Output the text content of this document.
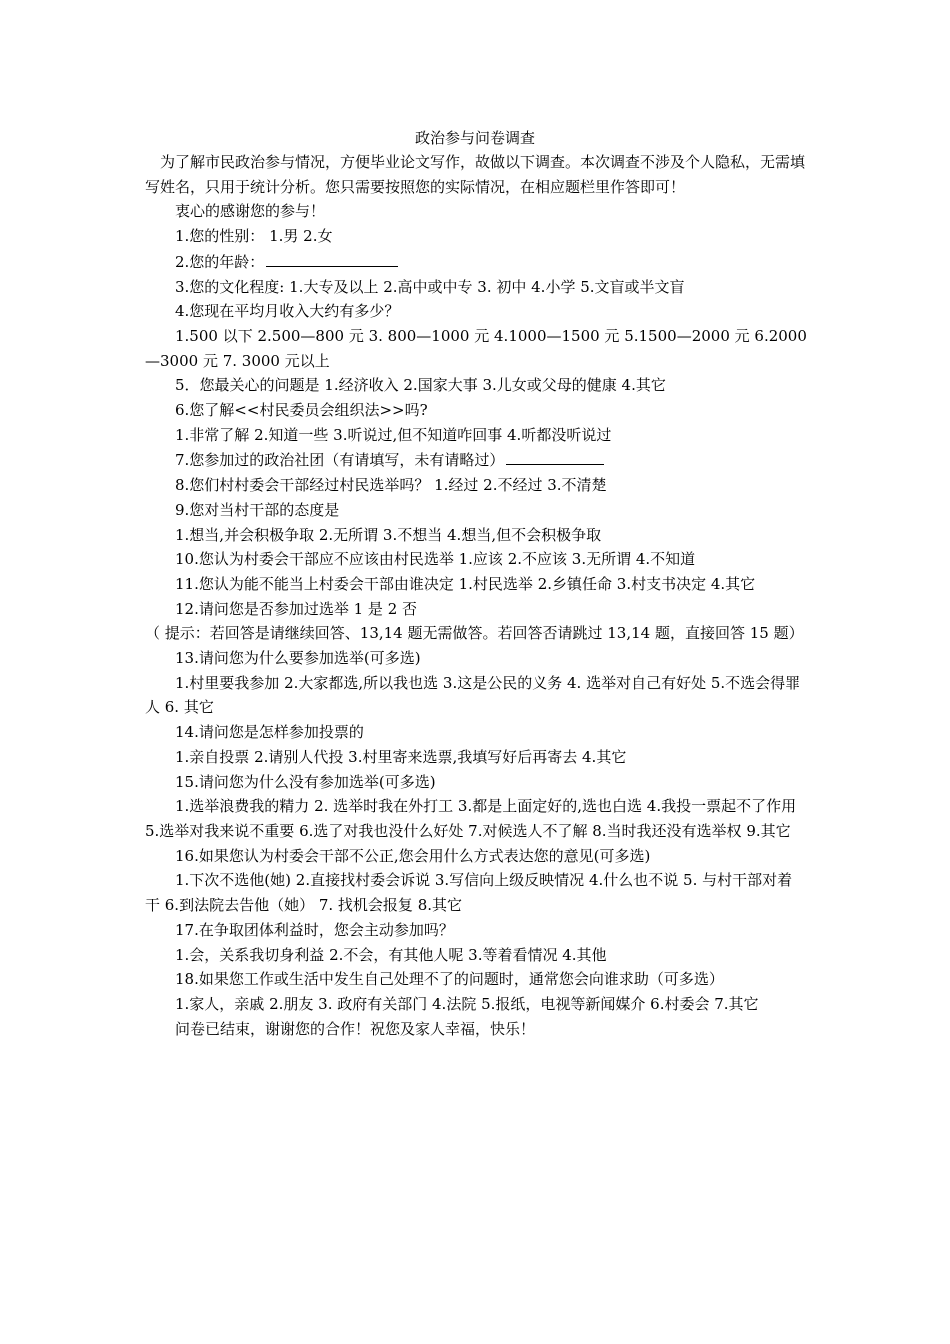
政治参与问卷调查

为了解市民政治参与情况，方便毕业论文写作，故做以下调查。本次调查不涉及个人隐私，无需填写姓名，只用于统计分析。您只需要按照您的实际情况，在相应题栏里作答即可！

衷心的感谢您的参与！

1.您的性别： 1.男 2.女

2.您的年龄：

3.您的文化程度: 1.大专及以上 2.高中或中专 3. 初中 4.小学 5.文盲或半文盲

4.您现在平均月收入大约有多少？

1.500 以下 2.500—800 元 3. 800—1000 元 4.1000—1500 元 5.1500—2000 元 6.2000—3000 元 7. 3000 元以上

5．您最关心的问题是 1.经济收入 2.国家大事 3.儿女或父母的健康 4.其它

6.您了解<<村民委员会组织法>>吗?

1.非常了解 2.知道一些 3.听说过,但不知道咋回事 4.听都没听说过

7.您参加过的政治社团（有请填写，未有请略过）

8.您们村村委会干部经过村民选举吗？ 1.经过 2.不经过 3.不清楚

9.您对当村干部的态度是

1.想当,并会积极争取 2.无所谓 3.不想当 4.想当,但不会积极争取

10.您认为村委会干部应不应该由村民选举 1.应该 2.不应该 3.无所谓 4.不知道

11.您认为能不能当上村委会干部由谁决定 1.村民选举 2.乡镇任命 3.村支书决定 4.其它

12.请问您是否参加过选举 1 是 2 否

（ 提示：若回答是请继续回答、13,14 题无需做答。若回答否请跳过 13,14 题，直接回答 15 题）

13.请问您为什么要参加选举(可多选)

1.村里要我参加 2.大家都选,所以我也选 3.这是公民的义务 4. 选举对自己有好处 5.不选会得罪人 6. 其它

14.请问您是怎样参加投票的

1.亲自投票 2.请别人代投 3.村里寄来选票,我填写好后再寄去 4.其它

15.请问您为什么没有参加选举(可多选)

1.选举浪费我的精力 2. 选举时我在外打工 3.都是上面定好的,选也白选 4.我投一票起不了作用 5.选举对我来说不重要 6.选了对我也没什么好处 7.对候选人不了解 8.当时我还没有选举权 9.其它

16.如果您认为村委会干部不公正,您会用什么方式表达您的意见(可多选)

1.下次不选他(她) 2.直接找村委会诉说 3.写信向上级反映情况 4.什么也不说 5. 与村干部对着干 6.到法院去告他（她） 7. 找机会报复 8.其它

17.在争取团体利益时，您会主动参加吗？

1.会，关系我切身利益 2.不会，有其他人呢 3.等着看情况 4.其他

18.如果您工作或生活中发生自己处理不了的问题时，通常您会向谁求助（可多选）

1.家人，亲戚 2.朋友 3. 政府有关部门 4.法院 5.报纸，电视等新闻媒介 6.村委会 7.其它

问卷已结束，谢谢您的合作！祝您及家人幸福，快乐！
